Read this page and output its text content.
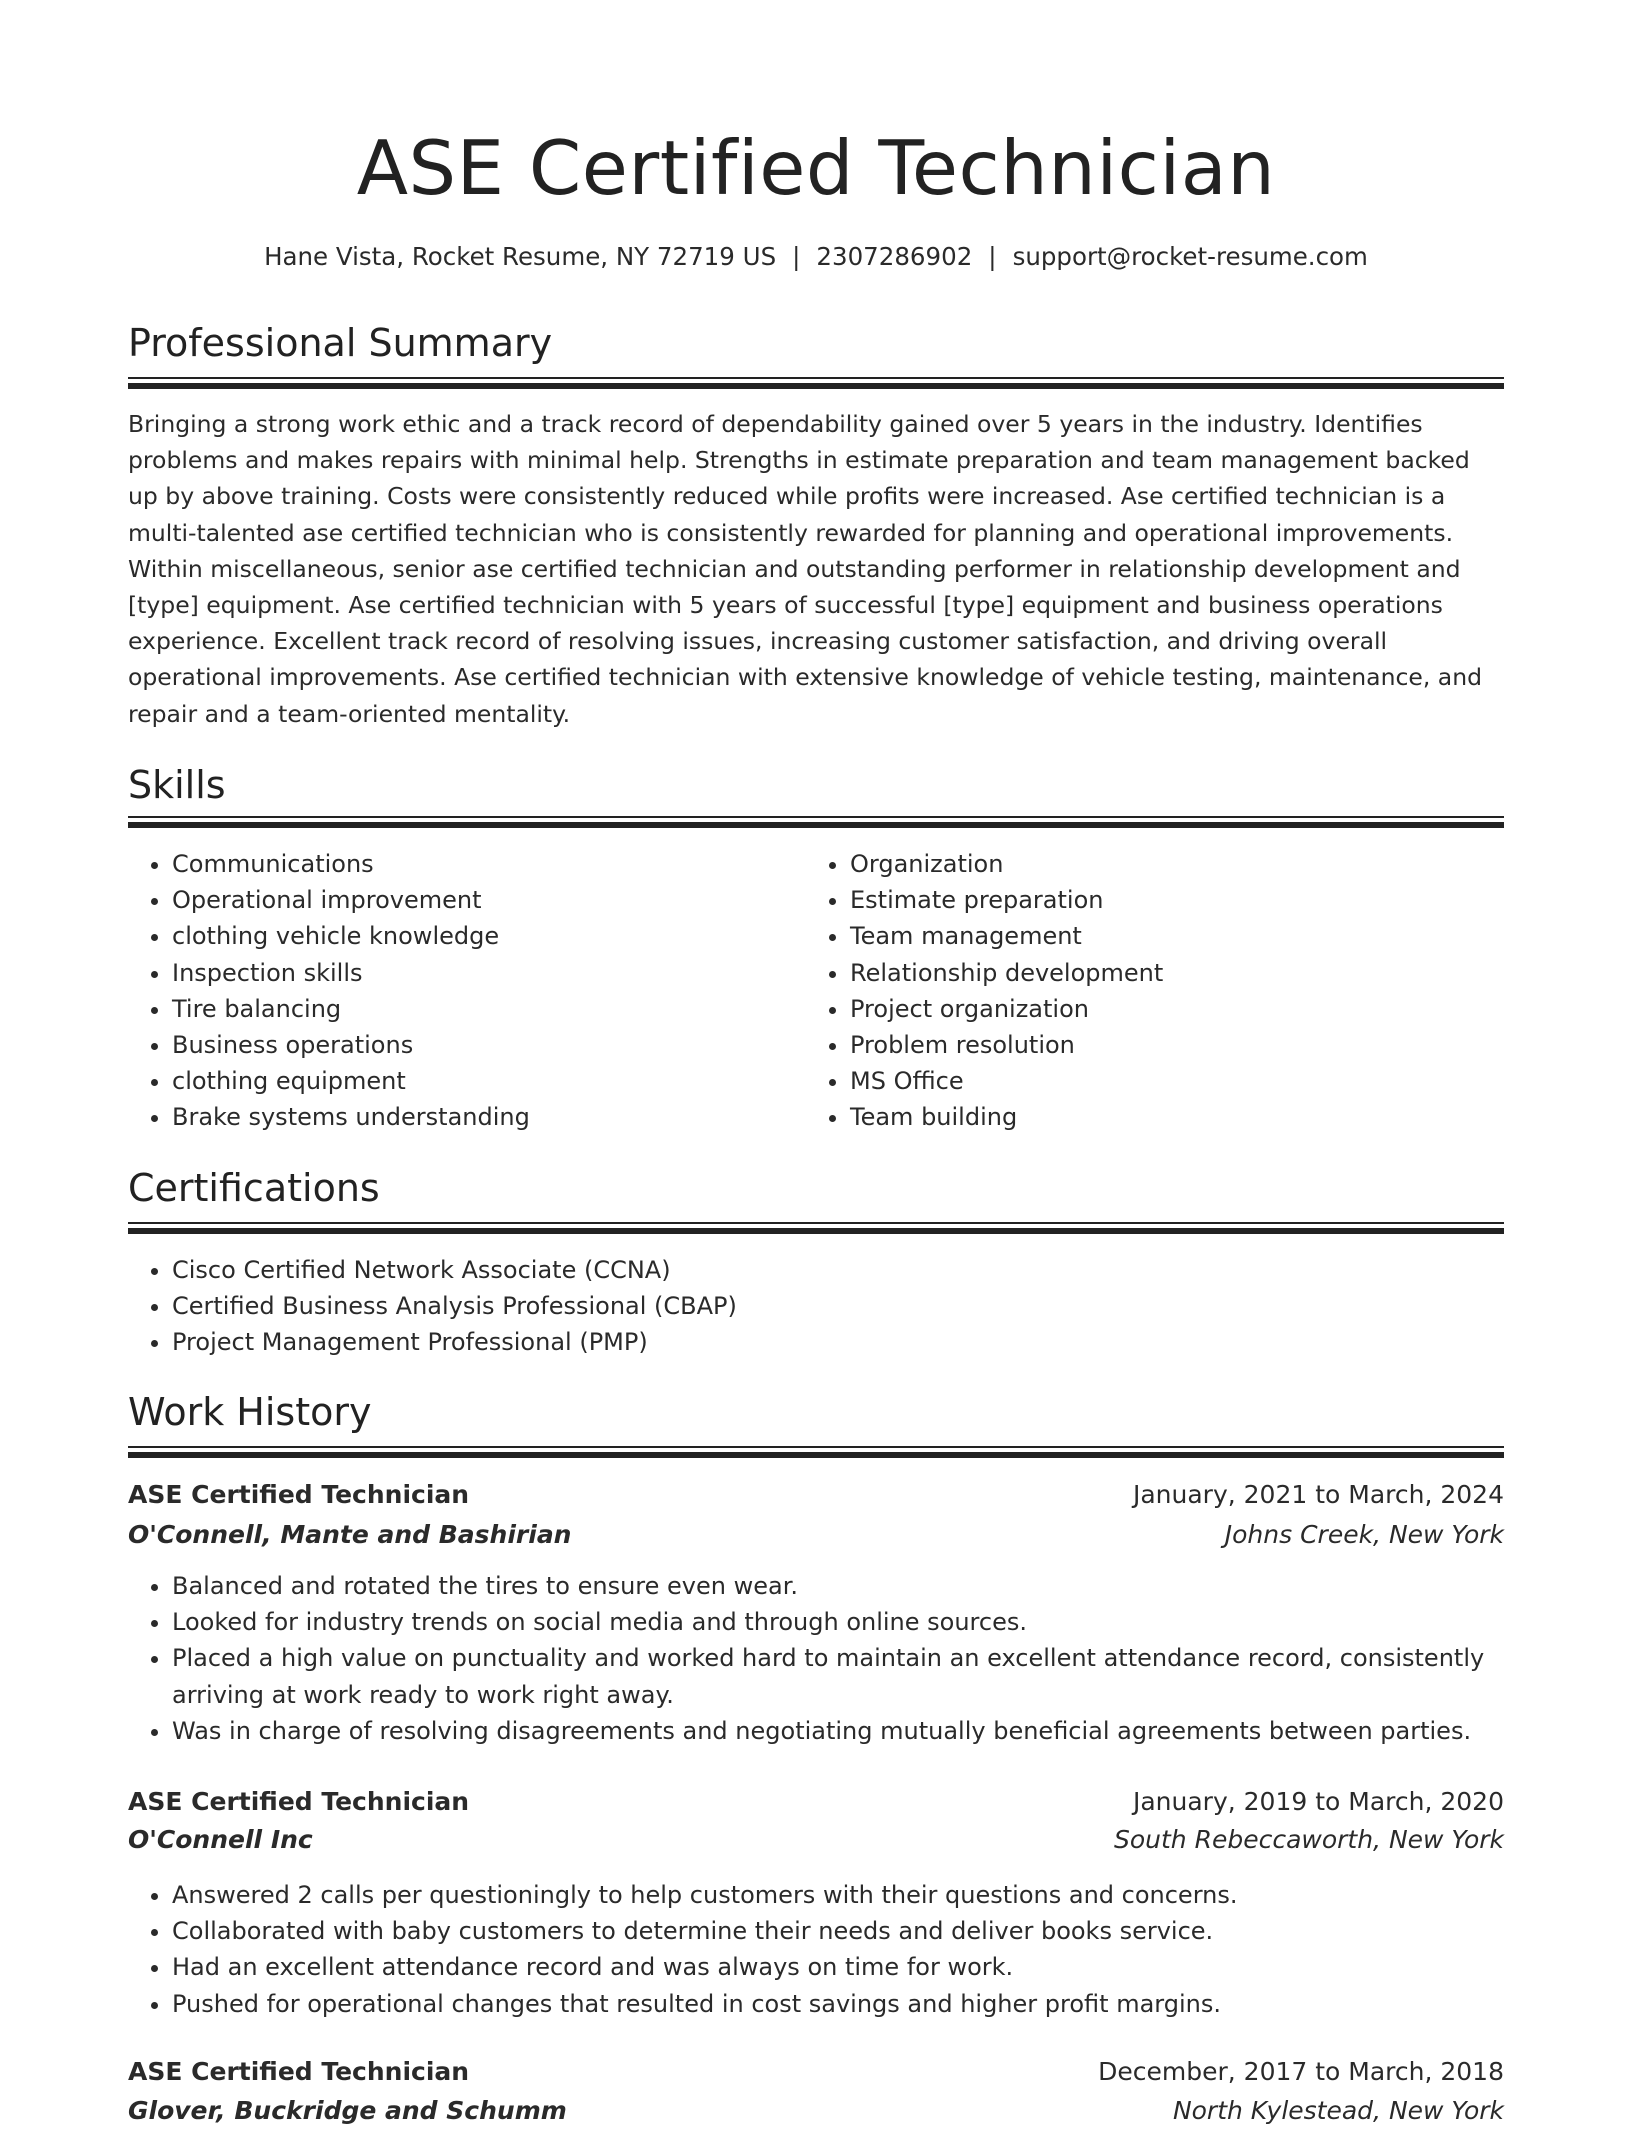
ASE Certified Technician
Hane Vista, Rocket Resume, NY 72719 US | 2307286902 | support@rocket-resume.com
Professional Summary
Bringing a strong work ethic and a track record of dependability gained over 5 years in the industry. Identifies problems and makes repairs with minimal help. Strengths in estimate preparation and team management backed up by above training. Costs were consistently reduced while profits were increased. Ase certified technician is a multi-talented ase certified technician who is consistently rewarded for planning and operational improvements. Within miscellaneous, senior ase certified technician and outstanding performer in relationship development and [type] equipment. Ase certified technician with 5 years of successful [type] equipment and business operations experience. Excellent track record of resolving issues, increasing customer satisfaction, and driving overall operational improvements. Ase certified technician with extensive knowledge of vehicle testing, maintenance, and repair and a team-oriented mentality.
Skills
• Communications
• Operational improvement
• clothing vehicle knowledge
• Inspection skills
• Tire balancing
• Business operations
• clothing equipment
• Brake systems understanding
• Organization
• Estimate preparation
• Team management
• Relationship development
• Project organization
• Problem resolution
• MS Office
• Team building
Certifications
• Cisco Certified Network Associate (CCNA)
• Certified Business Analysis Professional (CBAP)
• Project Management Professional (PMP)
Work History
ASE Certified Technician	January, 2021 to March, 2024
O'Connell, Mante and Bashirian	Johns Creek, New York
• Balanced and rotated the tires to ensure even wear.
• Looked for industry trends on social media and through online sources.
• Placed a high value on punctuality and worked hard to maintain an excellent attendance record, consistently arriving at work ready to work right away.
• Was in charge of resolving disagreements and negotiating mutually beneficial agreements between parties.
ASE Certified Technician	January, 2019 to March, 2020
O'Connell Inc	South Rebeccaworth, New York
• Answered 2 calls per questioningly to help customers with their questions and concerns.
• Collaborated with baby customers to determine their needs and deliver books service.
• Had an excellent attendance record and was always on time for work.
• Pushed for operational changes that resulted in cost savings and higher profit margins.
ASE Certified Technician	December, 2017 to March, 2018
Glover, Buckridge and Schumm	North Kylestead, New York
